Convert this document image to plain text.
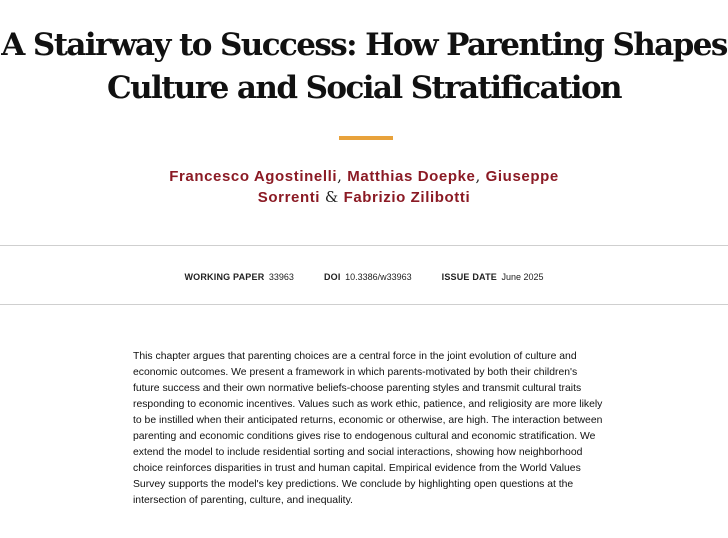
A Stairway to Success: How Parenting Shapes Culture and Social Stratification
Francesco Agostinelli, Matthias Doepke, Giuseppe Sorrenti & Fabrizio Zilibotti
WORKING PAPER 33963	DOI 10.3386/w33963	ISSUE DATE June 2025

This chapter argues that parenting choices are a central force in the joint evolution of culture and economic outcomes. We present a framework in which parents-motivated by both their children's future success and their own normative beliefs-choose parenting styles and transmit cultural traits responding to economic incentives. Values such as work ethic, patience, and religiosity are more likely to be instilled when their anticipated returns, economic or otherwise, are high. The interaction between parenting and economic conditions gives rise to endogenous cultural and economic stratification. We extend the model to include residential sorting and social interactions, showing how neighborhood choice reinforces disparities in trust and human capital. Empirical evidence from the World Values Survey supports the model's key predictions. We conclude by highlighting open questions at the intersection of parenting, culture, and inequality.
